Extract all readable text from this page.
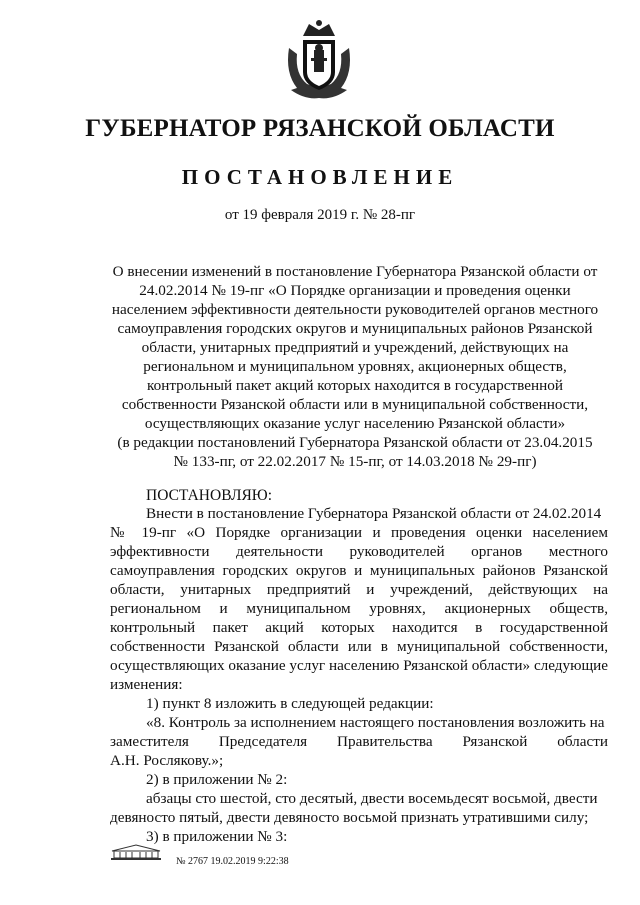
ГУБЕРНАТОР РЯЗАНСКОЙ ОБЛАСТИ
ПОСТАНОВЛЕНИЕ
от 19 февраля 2019 г. № 28-пг
О внесении изменений в постановление Губернатора Рязанской области от
24.02.2014 № 19-пг «О Порядке организации и проведения оценки
населением эффективности деятельности руководителей органов местного
самоуправления городских округов и муниципальных районов Рязанской
области, унитарных предприятий и учреждений, действующих на
региональном и муниципальном уровнях, акционерных обществ,
контрольный пакет акций которых находится в государственной
собственности Рязанской области или в муниципальной собственности,
осуществляющих оказание услуг населению Рязанской области»
(в редакции постановлений Губернатора Рязанской области от 23.04.2015
№ 133-пг, от 22.02.2017 № 15-пг, от 14.03.2018 № 29-пг)
ПОСТАНОВЛЯЮ:
Внести в постановление Губернатора Рязанской области от 24.02.2014
№ 19-пг «О Порядке организации и проведения оценки населением
эффективности деятельности руководителей органов местного
самоуправления городских округов и муниципальных районов Рязанской
области, унитарных предприятий и учреждений, действующих на
региональном и муниципальном уровнях, акционерных обществ,
контрольный пакет акций которых находится в государственной
собственности Рязанской области или в муниципальной собственности,
осуществляющих оказание услуг населению Рязанской области» следующие
изменения:
1) пункт 8 изложить в следующей редакции:
«8. Контроль за исполнением настоящего постановления возложить на
заместителя Председателя Правительства Рязанской области
А.Н. Рослякову.»;
2) в приложении № 2:
абзацы сто шестой, сто десятый, двести восемьдесят восьмой, двести
девяносто пятый, двести девяносто восьмой признать утратившими силу;
3) в приложении № 3:
№ 2767 19.02.2019 9:22:38
